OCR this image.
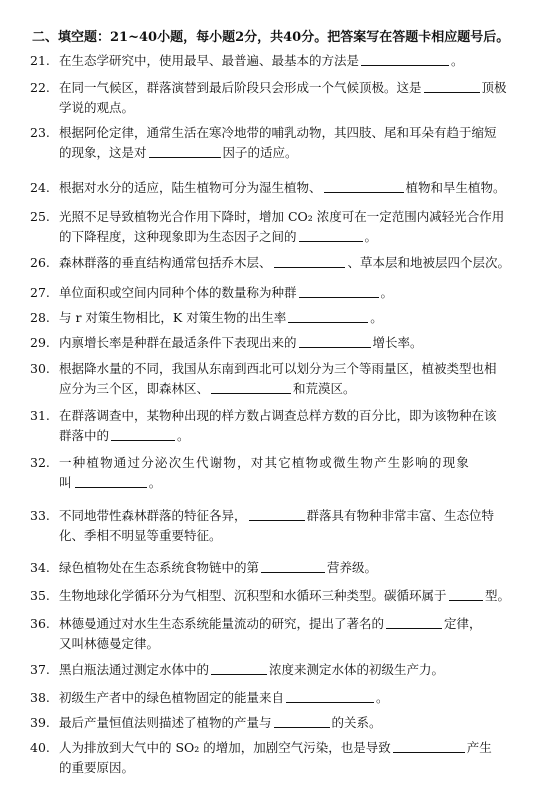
二、填空题：21~40小题，每小题2分，共40分。把答案写在答题卡相应题号后。
21. 在生态学研究中，使用最早、最普遍、最基本的方法是	。
22. 在同一气候区，群落演替到最后阶段只会形成一个气候顶极。这是	顶极
学说的观点。
23. 根据阿伦定律，通常生活在寒冷地带的哺乳动物，其四肢、尾和耳朵有趋于缩短
的现象，这是对	因子的适应。
24. 根据对水分的适应，陆生植物可分为湿生植物、	植物和旱生植物。
25. 光照不足导致植物光合作用下降时，增加 CO₂ 浓度可在一定范围内减轻光合作用
的下降程度，这种现象即为生态因子之间的	。
26. 森林群落的垂直结构通常包括乔木层、	、草本层和地被层四个层次。
27. 单位面积或空间内同种个体的数量称为种群	。
28. 与 r 对策生物相比，K 对策生物的出生率	。
29. 内禀增长率是种群在最适条件下表现出来的	增长率。
30. 根据降水量的不同，我国从东南到西北可以划分为三个等雨量区，植被类型也相
应分为三个区，即森林区、	和荒漠区。
31. 在群落调查中，某物种出现的样方数占调查总样方数的百分比，即为该物种在该
群落中的	。
32. 一种植物通过分泌次生代谢物，对其它植物或微生物产生影响的现象
叫	。
33. 不同地带性森林群落的特征各异，	群落具有物种非常丰富、生态位特
化、季相不明显等重要特征。
34. 绿色植物处在生态系统食物链中的第	营养级。
35. 生物地球化学循环分为气相型、沉积型和水循环三种类型。碳循环属于	型。
36. 林德曼通过对水生生态系统能量流动的研究，提出了著名的	定律，
又叫林德曼定律。
37. 黑白瓶法通过测定水体中的	浓度来测定水体的初级生产力。
38. 初级生产者中的绿色植物固定的能量来自	。
39. 最后产量恒值法则描述了植物的产量与	的关系。
40. 人为排放到大气中的 SO₂ 的增加，加剧空气污染，也是导致	产生
的重要原因。
